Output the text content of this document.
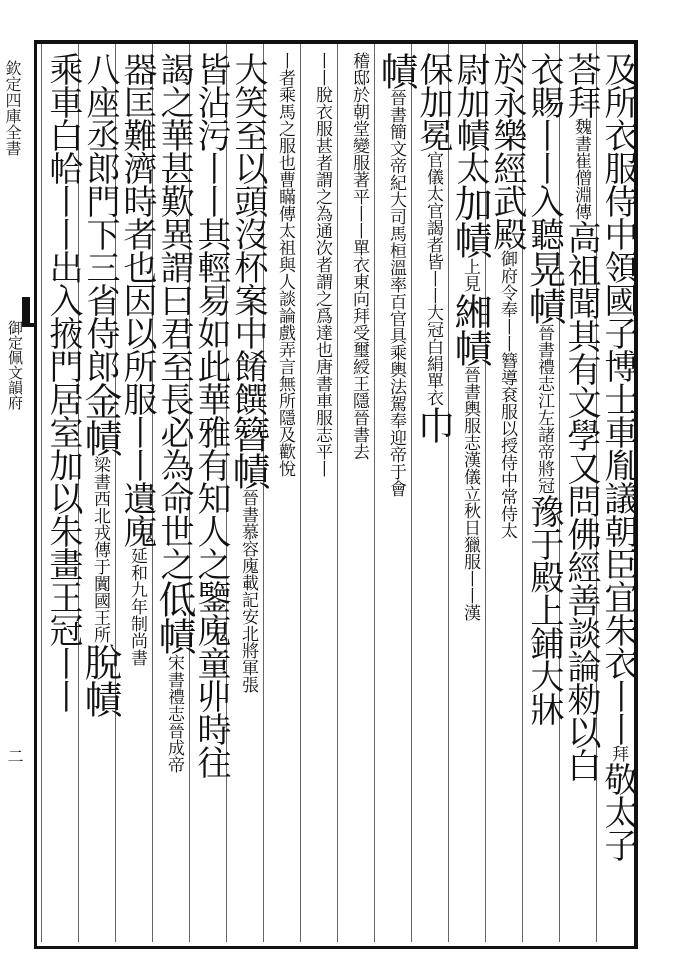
欽定四庫全書
御定佩文韻府
二
及所衣服侍中領國子博士車胤議朝臣宜朱衣丨丨拜敬太子
荅拜魏書崔僧淵傳高祖聞其有文學又問佛經善談論勑以白
衣賜丨丨入聽晃幘晉書禮志江左諸帝將冠豫于殿上鋪大牀
於永樂經武殿御府令奉丨丨簪導袞服以授侍中常侍太
尉加幘太加幘上見緗幘晉書輿服志漢儀立秋日獵服丨丨漢
保加冕官儀太官謁者皆丨丨大冠白絹單衣巾
幘晉書簡文帝紀大司馬桓溫率百官具乘輿法駕奉迎帝于會
稽邸於朝堂變服著平丨丨單衣東向拜受璽綬王隱晉書去
丨丨脫衣服甚者謂之為通次者謂之爲達也唐書車服志平丨
丨者乘馬之服也曹瞞傳太祖與人談論戲弄言無所隱及歡悅
大笑至以頭沒杯案中餚饌簪幘晉書慕容廆載記安北將軍張
皆沾污丨丨其輕易如此華雅有知人之鑒廆童丱時往
謁之華甚歎異謂曰君至長必為命世之低幘宋書禮志晉成帝
器匡難濟時者也因以所服丨丨遺廆延和九年制尚書
八座丞郎門下三省侍郎金幘梁書西北戎傳于闐國王所脫幘
乘車白帢丨丨出入掖門居室加以朱畫王冠丨丨
